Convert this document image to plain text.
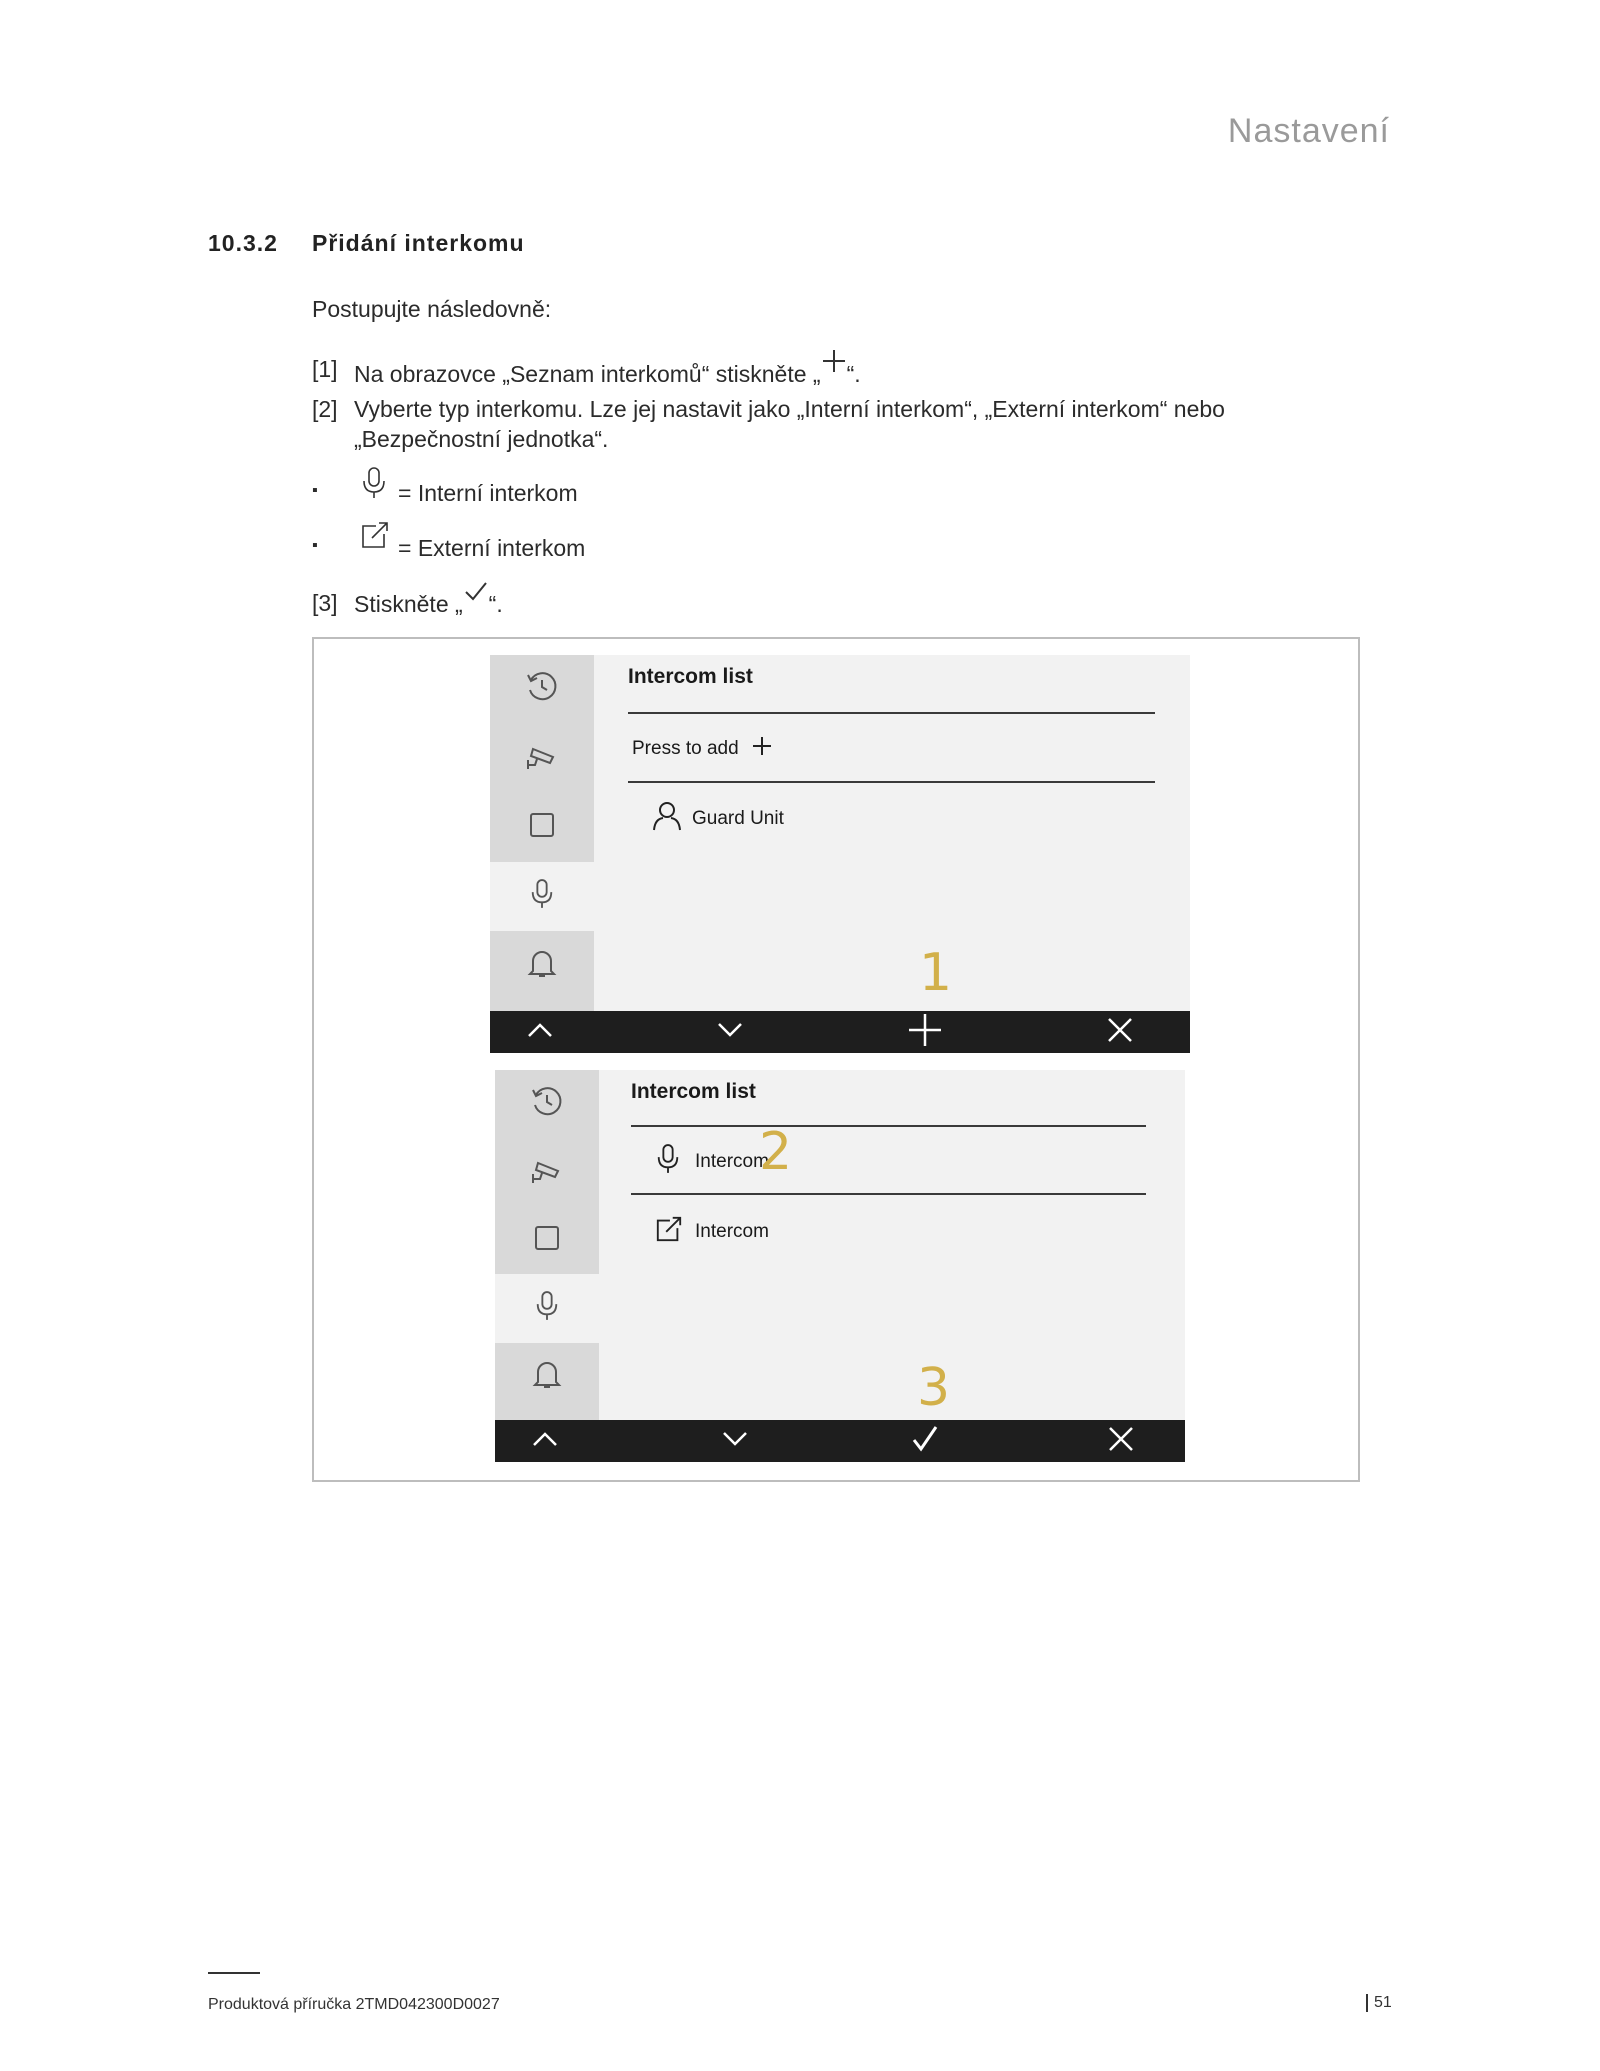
Nastavení
10.3.2 Přidání interkomu
Postupujte následovně:
[1] Na obrazovce „Seznam interkomů“ stiskněte „ “.
[2] Vyberte typ interkomu. Lze jej nastavit jako „Interní interkom“, „Externí interkom“ nebo
„Bezpečnostní jednotka“.
▪	= Interní interkom
▪	= Externí interkom
[3] Stiskněte „ “.
Intercom list
Press to add
Guard Unit
1
Intercom list
Intercom
2
Intercom
3
Produktová příručka 2TMD042300D0027	51
